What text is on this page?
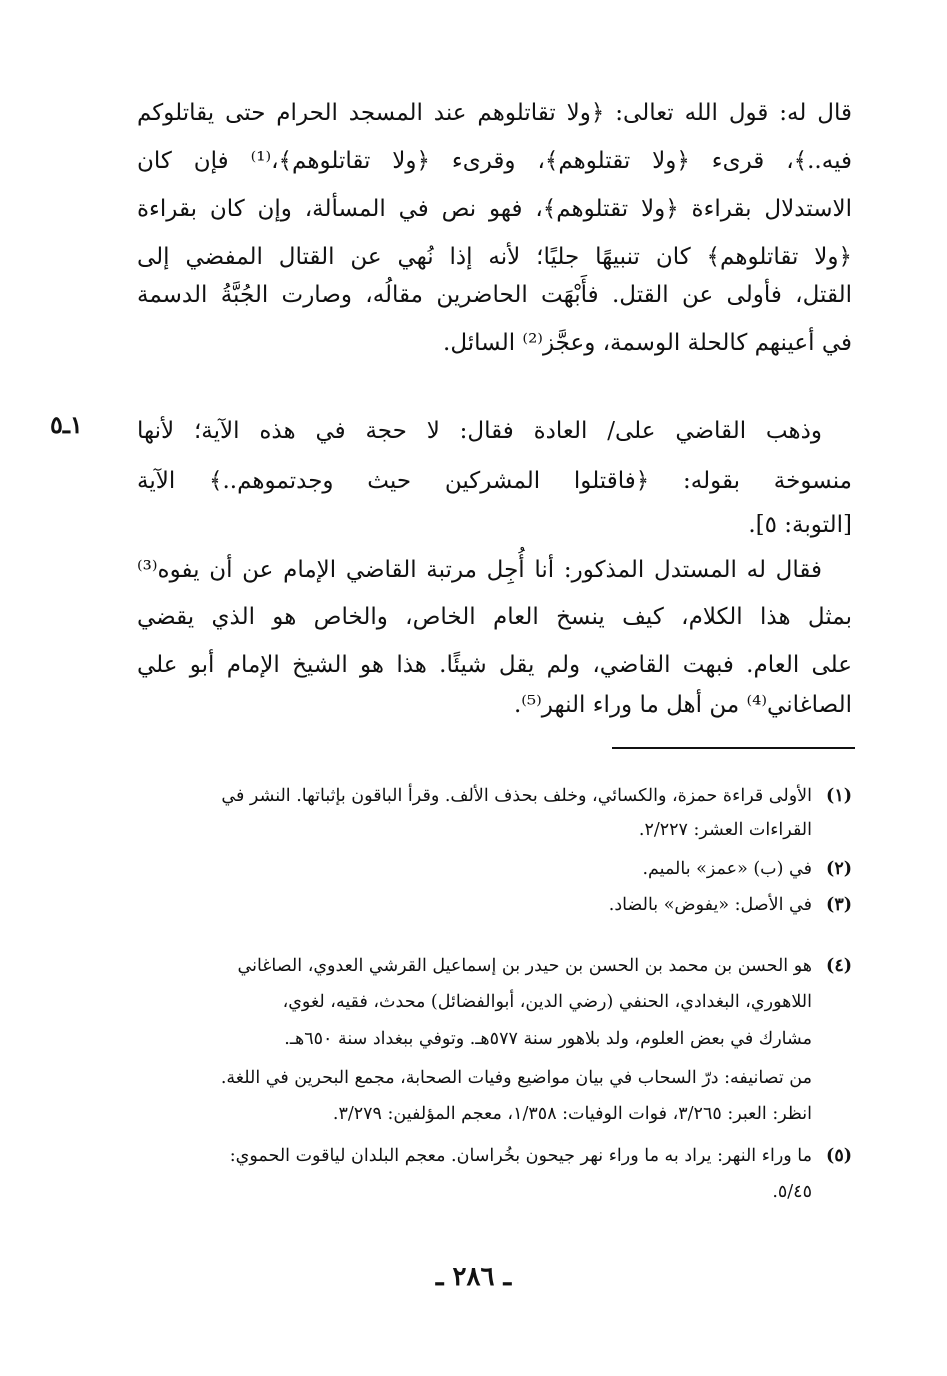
قال له: قول الله تعالى: ﴿ولا تقاتلوهم عند المسجد الحرام حتى يقاتلوكم
فيه..﴾، قرىء ﴿ولا تقتلوهم﴾، وقرىء ﴿ولا تقاتلوهم﴾،⁽¹⁾ فإن كان
الاستدلال بقراءة ﴿ولا تقتلوهم﴾، فهو نص في المسألة، وإن كان بقراءة
﴿ولا تقاتلوهم﴾ كان تنبيهًا جليًا؛ لأنه إذا نُهي عن القتال المفضي إلى
القتل، فأولى عن القتل. فأَبْهَت الحاضرين مقالُه، وصارت الجُبَّةُ الدسمة
في أعينهم كالحلة الوسمة، وعجَّز⁽²⁾ السائل.
١ـ٥ وذهب القاضي على/ العادة فقال: لا حجة في هذه الآية؛ لأنها
منسوخة بقوله: ﴿فاقتلوا المشركين حيث وجدتموهم..﴾ الآية
[التوبة: ٥].
فقال له المستدل المذكور: أنا أُجِل مرتبة القاضي الإمام عن أن يفوه⁽³⁾
بمثل هذا الكلام، كيف ينسخ العام الخاص، والخاص هو الذي يقضي
على العام. فبهت القاضي، ولم يقل شيئًا. هذا هو الشيخ الإمام أبو علي
الصاغاني⁽⁴⁾ من أهل ما وراء النهر⁽⁵⁾.
(١)الأولى قراءة حمزة، والكسائي، وخلف بحذف الألف. وقرأ الباقون بإثباتها. النشر في
القراءات العشر: ٢/٢٢٧.
(٢)في (ب) «عمز» بالميم.
(٣)في الأصل: «يفوض» بالضاد.
(٤)هو الحسن بن محمد بن الحسن بن حيدر بن إسماعيل القرشي العدوي، الصاغاني
اللاهوري، البغدادي، الحنفي (رضي الدين، أبوالفضائل) محدث، فقيه، لغوي،
مشارك في بعض العلوم، ولد بلاهور سنة ٥٧٧هـ. وتوفي ببغداد سنة ٦٥٠هـ.
من تصانيفه: درّ السحاب في بيان مواضيع وفيات الصحابة، مجمع البحرين في اللغة.
انظر: العبر: ٣/٢٦٥، فوات الوفيات: ١/٣٥٨، معجم المؤلفين: ٣/٢٧٩.
(٥)ما وراء النهر: يراد به ما وراء نهر جيحون بخُراسان. معجم البلدان لياقوت الحموي:
٥/٤٥.
ـ ٢٨٦ ـ
